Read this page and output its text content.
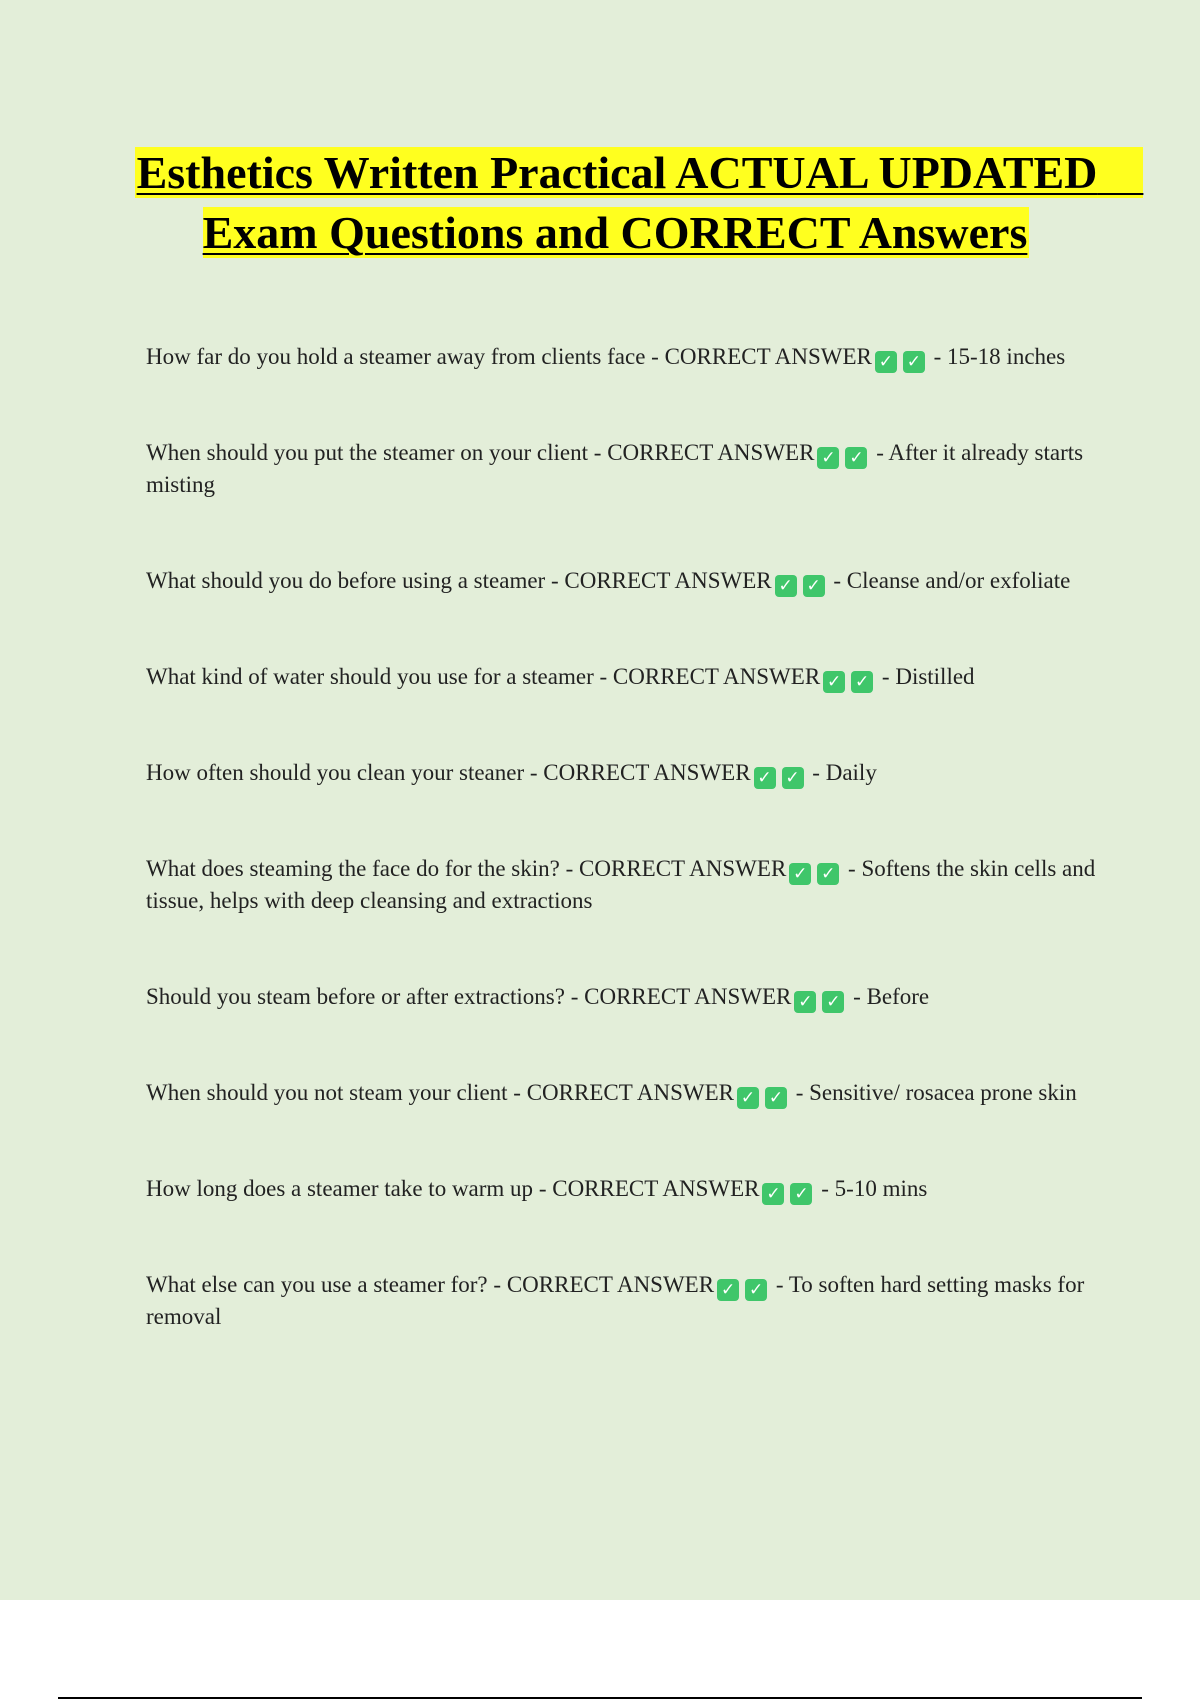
Esthetics Written Practical ACTUAL UPDATED    Exam Questions and CORRECT Answers
How far do you hold a steamer away from clients face - CORRECT ANSWER ✓ ✓ - 15-18 inches
When should you put the steamer on your client - CORRECT ANSWER ✓ ✓ - After it already starts misting
What should you do before using a steamer - CORRECT ANSWER ✓ ✓ - Cleanse and/or exfoliate
What kind of water should you use for a steamer - CORRECT ANSWER ✓ ✓ - Distilled
How often should you clean your steaner - CORRECT ANSWER ✓ ✓ - Daily
What does steaming the face do for the skin? - CORRECT ANSWER ✓ ✓ - Softens the skin cells and tissue, helps with deep cleansing and extractions
Should you steam before or after extractions? - CORRECT ANSWER ✓ ✓ - Before
When should you not steam your client - CORRECT ANSWER ✓ ✓ - Sensitive/ rosacea prone skin
How long does a steamer take to warm up - CORRECT ANSWER ✓ ✓ - 5-10 mins
What else can you use a steamer for? - CORRECT ANSWER ✓ ✓ - To soften hard setting masks for removal
